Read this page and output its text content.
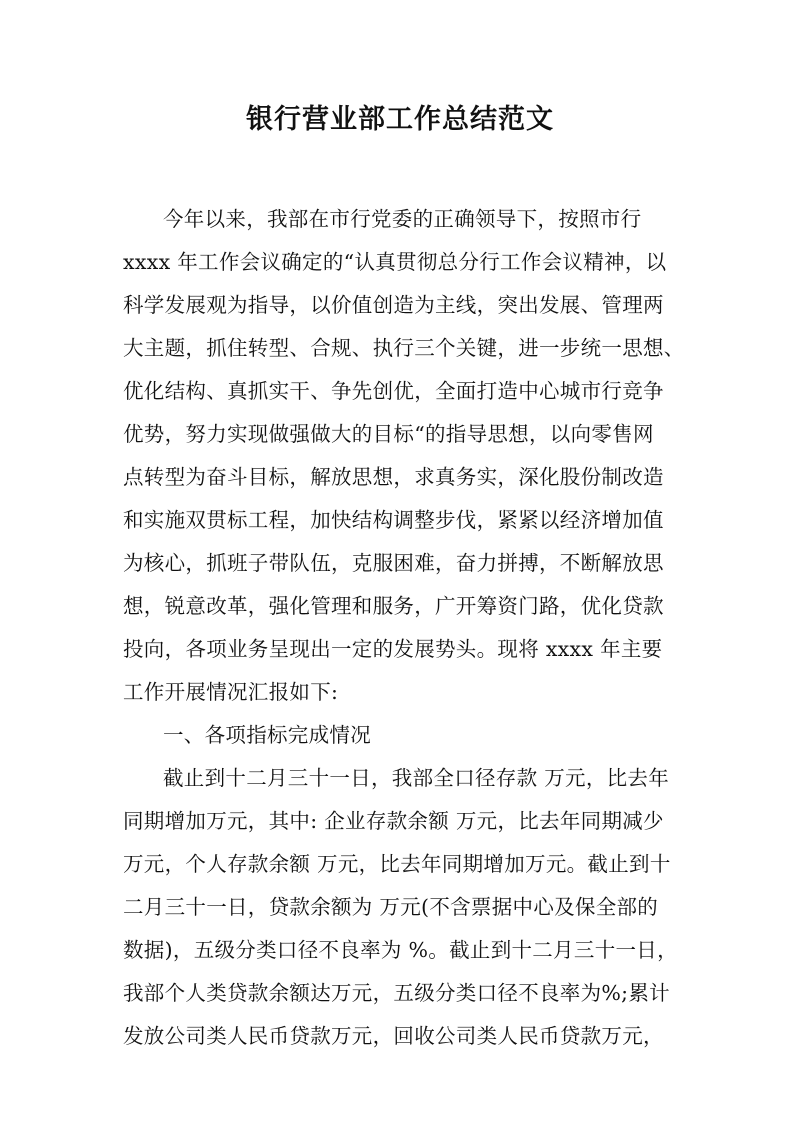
银行营业部工作总结范文
今年以来，我部在市行党委的正确领导下，按照市行
xxxx 年工作会议确定的“认真贯彻总分行工作会议精神，以
科学发展观为指导，以价值创造为主线，突出发展、管理两
大主题，抓住转型、合规、执行三个关键，进一步统一思想、
优化结构、真抓实干、争先创优，全面打造中心城市行竞争
优势，努力实现做强做大的目标“的指导思想，以向零售网
点转型为奋斗目标，解放思想，求真务实，深化股份制改造
和实施双贯标工程，加快结构调整步伐，紧紧以经济增加值
为核心，抓班子带队伍，克服困难，奋力拼搏，不断解放思
想，锐意改革，强化管理和服务，广开筹资门路，优化贷款
投向，各项业务呈现出一定的发展势头。现将 xxxx 年主要
工作开展情况汇报如下:
一、各项指标完成情况
截止到十二月三十一日，我部全口径存款 万元，比去年
同期增加万元，其中: 企业存款余额 万元，比去年同期减少
万元，个人存款余额 万元，比去年同期增加万元。截止到十
二月三十一日，贷款余额为 万元(不含票据中心及保全部的
数据)，五级分类口径不良率为 %。截止到十二月三十一日，
我部个人类贷款余额达万元，五级分类口径不良率为%;累计
发放公司类人民币贷款万元，回收公司类人民币贷款万元，
